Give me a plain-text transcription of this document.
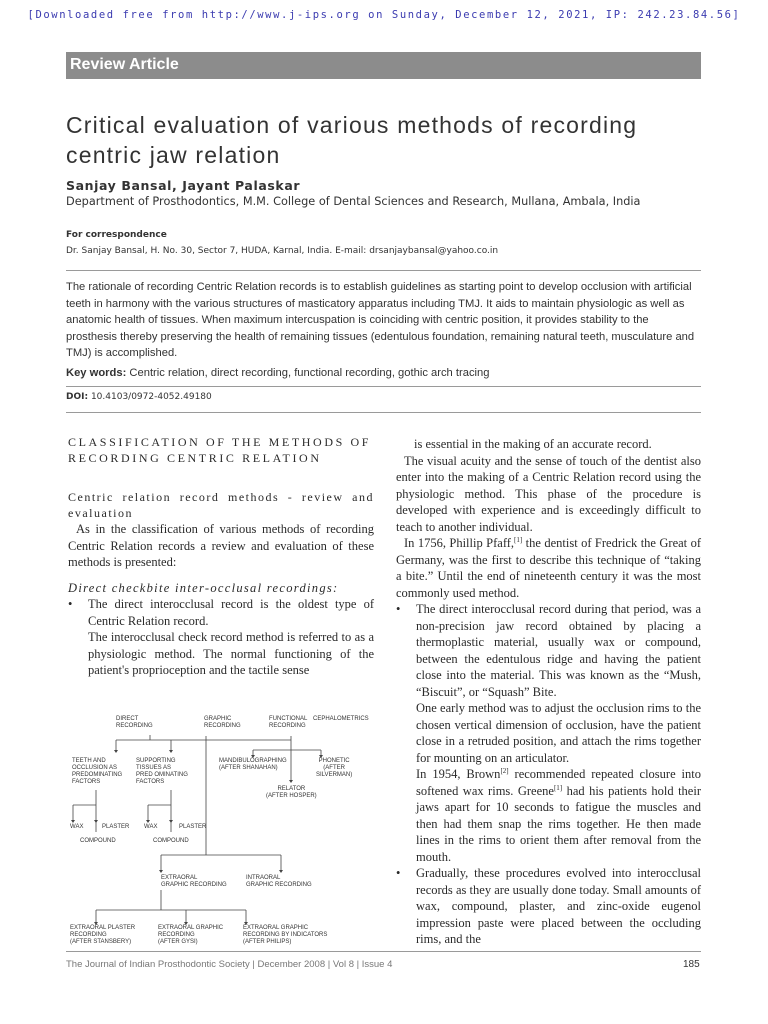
[Downloaded free from http://www.j-ips.org on Sunday, December 12, 2021, IP: 242.23.84.56]
Review Article
Critical evaluation of various methods of recording centric jaw relation
Sanjay Bansal, Jayant Palaskar
Department of Prosthodontics, M.M. College of Dental Sciences and Research, Mullana, Ambala, India
For correspondence
Dr. Sanjay Bansal, H. No. 30, Sector 7, HUDA, Karnal, India. E-mail: drsanjaybansal@yahoo.co.in
The rationale of recording Centric Relation records is to establish guidelines as starting point to develop occlusion with artificial teeth in harmony with the various structures of masticatory apparatus including TMJ. It aids to maintain physiologic as well as anatomic health of tissues. When maximum intercuspation is coinciding with centric position, it provides stability to the prosthesis thereby preserving the health of remaining tissues (edentulous foundation, remaining natural teeth, musculature and TMJ) is accomplished.
Key words: Centric relation, direct recording, functional recording, gothic arch tracing
DOI: 10.4103/0972-4052.49180
CLASSIFICATION OF THE METHODS OF RECORDING CENTRIC RELATION
Centric relation record methods - review and evaluation
As in the classification of various methods of recording Centric Relation records a review and evaluation of these methods is presented:
Direct checkbite inter-occlusal recordings:
•	The direct interocclusal record is the oldest type of Centric Relation record.
The interocclusal check record method is referred to as a physiologic method. The normal functioning of the patient's proprioception and the tactile sense
DIRECT
RECORDING
GRAPHIC
RECORDING
FUNCTIONAL
RECORDING
CEPHALOMETRICS
TEETH AND
OCCLUSION AS
PREDOMINATING
FACTORS
SUPPORTING
TISSUES AS
PRED OMINATING
FACTORS
MANDIBULOGRAPHING
(AFTER SHANAHAN)
PHONETIC
(AFTER
SILVERMAN)
RELATOR
(AFTER HOSPER)
WAX	PLASTER
COMPOUND
WAX	PLASTER
COMPOUND
EXTRAORAL
GRAPHIC RECORDING
INTRAORAL
GRAPHIC RECORDING
EXTRAORAL PLASTER
RECORDING
(AFTER STANSBERY)
EXTRAORAL GRAPHIC
RECORDING
(AFTER GYSI)
EXTRAORAL GRAPHIC
RECORDING BY INDICATORS
(AFTER PHILIPS)
is essential in the making of an accurate record.
The visual acuity and the sense of touch of the dentist also enter into the making of a Centric Relation record using the physiologic method. This phase of the procedure is developed with experience and is exceedingly difficult to teach to another individual.
In 1756, Phillip Pfaff,[1] the dentist of Fredrick the Great of Germany, was the first to describe this technique of “taking a bite.” Until the end of nineteenth century it was the most commonly used method.
•	The direct interocclusal record during that period, was a non-precision jaw record obtained by placing a thermoplastic material, usually wax or compound, between the edentulous ridge and having the patient close into the material. This was known as the “Mush, “Biscuit”, or “Squash” Bite.
One early method was to adjust the occlusion rims to the chosen vertical dimension of occlusion, have the patient close in a retruded position, and attach the rims together for mounting on an articulator.
In 1954, Brown[2] recommended repeated closure into softened wax rims. Greene[1] had his patients hold their jaws apart for 10 seconds to fatigue the muscles and then had them snap the rims together. He then made lines in the rims to orient them after removal from the mouth.
•	Gradually, these procedures evolved into interocclusal records as they are usually done today. Small amounts of wax, compound, plaster, and zinc-oxide eugenol impression paste were placed between the occluding rims, and the
The Journal of Indian Prosthodontic Society | December 2008 | Vol 8 | Issue 4	185
